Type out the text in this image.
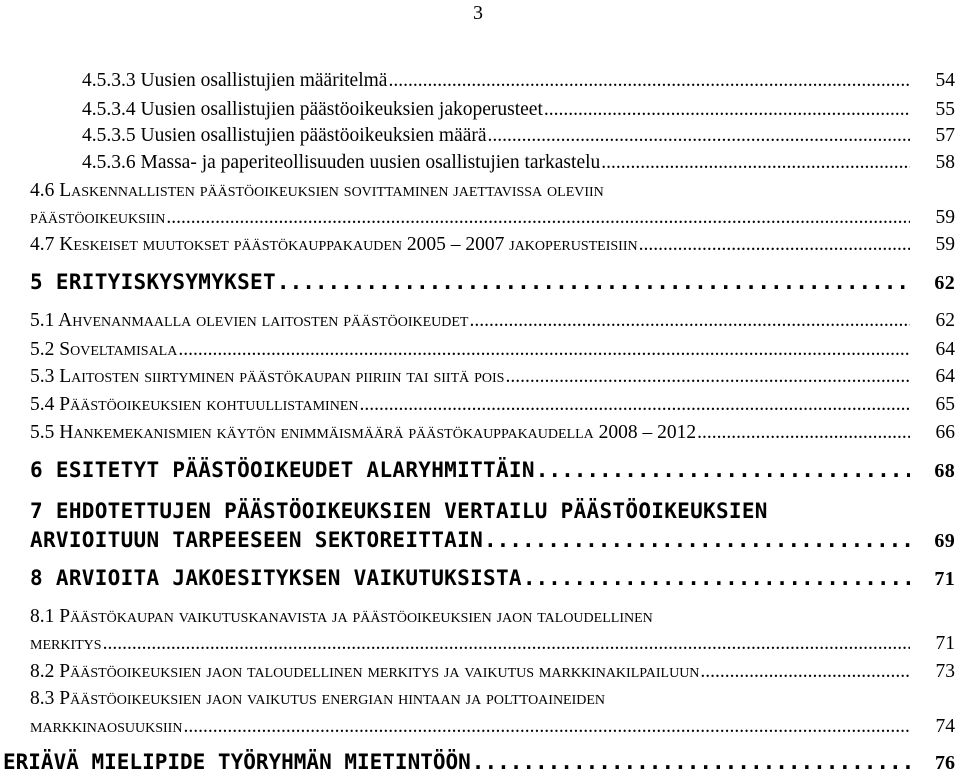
3
4.5.3.3 Uusien osallistujien määritelmä .....	54
4.5.3.4 Uusien osallistujien päästöoikeuksien jakoperusteet .....	55
4.5.3.5 Uusien osallistujien päästöoikeuksien määrä .....	57
4.5.3.6 Massa- ja paperiteollisuuden uusien osallistujien tarkastelu .....	58
4.6 Laskennallisten päästöoikeuksien sovittaminen jaettavissa oleviin
päästöoikeuksiin .....	59
4.7 Keskeiset muutokset päästökauppakauden 2005 – 2007 jakoperusteisiin .....	59
5 ERITYISKYSYMYKSET .....	62
5.1 Ahvenanmaalla olevien laitosten päästöoikeudet .....	62
5.2 Soveltamisala .....	64
5.3 Laitosten siirtyminen päästökaupan piiriin tai siitä pois .....	64
5.4 Päästöoikeuksien kohtuullistaminen .....	65
5.5 Hankemekanismien käytön enimmäismäärä päästökauppakaudella 2008 – 2012 .....	66
6 ESITETYT PÄÄSTÖOIKEUDET ALARYHMITTÄIN .....	68
7 EHDOTETTUJEN PÄÄSTÖOIKEUKSIEN VERTAILU PÄÄSTÖOIKEUKSIEN
ARVIOITUUN TARPEESEEN SEKTOREITTAIN .....	69
8 ARVIOITA JAKOESITYKSEN VAIKUTUKSISTA .....	71
8.1 Päästökaupan vaikutuskanavista ja päästöoikeuksien jaon taloudellinen
merkitys .....	71
8.2 Päästöoikeuksien jaon taloudellinen merkitys ja vaikutus markkinakilpailuun .....	73
8.3 Päästöoikeuksien jaon vaikutus energian hintaan ja polttoaineiden
markkinaosuuksiin .....	74
ERIÄVÄ MIELIPIDE TYÖRYHMÄN MIETINTÖÖN .....	76
